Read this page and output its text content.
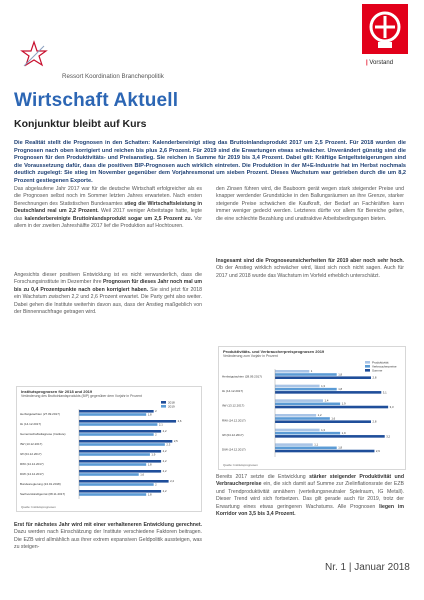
| Vorstand
Ressort Koordination Branchenpolitik
Wirtschaft Aktuell
Konjunktur bleibt auf Kurs
Die Realität stellt die Prognosen in den Schatten: Kalenderbereinigt stieg das Bruttoinlandsprodukt 2017 um 2,5 Prozent. Für 2018 wurden die Prognosen nach oben korrigiert und reichen bis plus 2,6 Prozent. Für 2019 sind die Erwartungen etwas schwächer. Unverändert günstig sind die Prognosen für den Produktivitäts- und Preisanstieg. Sie reichen in Summe für 2019 bis 3,4 Prozent. Dabei gilt: Kräftige Entgeltsteigerungen sind die Voraussetzung dafür, dass die positiven BIP-Prognosen auch wirklich eintreten. Die Produktion in der M+E-Industrie hat im Herbst nochmals deutlich zugelegt: Sie stieg im November gegenüber dem Vorjahresmonat um sieben Prozent. Dieses Wachstum war getrieben durch die um 8,2 Prozent gestiegenen Exporte.
Das abgelaufene Jahr 2017 war für die deutsche Wirtschaft erfolgreicher als es die Prognosen selbst noch im Sommer letzten Jahres erwarteten. Nach ersten Berechnungen des Statistischen Bundesamtes stieg die Wirtschaftsleistung in Deutschland real um 2,2 Prozent. Weil 2017 weniger Arbeitstage hatte, legte das kalenderbereinigte Bruttoinlandsprodukt sogar um 2,5 Prozent zu. Vor allem in der zweiten Jahreshälfte 2017 lief die Produktion auf Hochtouren.
Angesichts dieser positiven Entwicklung ist es nicht verwunderlich, dass die Forschungsinstitute im Dezember ihre Prognosen für dieses Jahr noch mal um bis zu 0,4 Prozentpunkte nach oben korrigiert haben. Sie sind jetzt für 2018 ein Wachstum zwischen 2,2 und 2,6 Prozent erwartet. Die Party geht also weiter. Dabei gehen die Institute weiterhin davon aus, dass der Anstieg maßgeblich von der Binnennachfrage getragen wird.
Institutsprognosen für 2018 und 2019
Veränderung des Bruttoinlandsprodukts (BIP) gegenüber dem Vorjahr in Prozent
2018
2019
Herbstgutachten (27.09.2017)
2
1,8
ifo (14.12.2017)
2,6
2,1
Gemeinschaftsdiagnose (Institute)
2,2
2
IfW (13.12.2017)
2,5
2,3
IW (04.12.2017)
2,2
1,9
RWI (14.12.2017)
2,2
1,8
DIW (14.12.2017)
2,2
1,6
Bundesregierung (24.01.2018)
2,4
2
Sachverständigenrat (08.11.2017)
2,2
1,8
Quelle: Institutsprognosen
Erst für nächstes Jahr wird mit einer verhalteneren Entwicklung gerechnet. Dazu werden nach Einschätzung der Institute verschiedene Faktoren beitragen. Die EZB wird allmählich aus ihrer extrem expansiven Geldpolitik aussteigen, was zu steigen-
den Zinsen führen wird, die Bauboom gerät wegen stark steigender Preise und knapper werdender Grundstücke in den Ballungsräumen an ihre Grenze, starker steigende Preise schwächen die Kaufkraft, der Bedarf an Fachkräften kann immer weniger gedeckt werden. Letzteres dürfte vor allem für Bereiche gelten, die eine schlechte Bezahlung und unattraktive Arbeitsbedingungen bieten.
Insgesamt sind die Prognoseunsicherheiten für 2019 aber noch sehr hoch. Ob der Anstieg wirklich schwächer wird, lässt sich noch nicht sagen. Auch für 2017 und 2018 wurde das Wachstum im Vorfeld erheblich unterschätzt.
Produktivitäts- und Verbraucherpreisprognosen 2019
Veränderung zum Vorjahr in Prozent
Produktivität
Verbraucherpreise
Summe
Herbstgutachten (28.09.2017)
1
1,8
2,8
ifo (14.12.2017)
1,3
1,8
3,1
IfW (13.12.2017)
1,4
1,9
3,3
RWI (14.12.2017)
1,2
1,6
2,8
IW (04.12.2017)
1,3
1,9
3,2
DIW (14.12.2017)
1,1
1,8
2,9
Quelle: Institutsprognosen
Bereits 2017 setzte die Entwicklung stärker steigender Produktivität und Verbraucherpreise ein, die sich damit auf Summe zur Zielinflationsrate der EZB und Trendproduktivität annähern (verteilungsneutraler Spielraum, IG Metall). Dieser Trend wird sich fortsetzen. Das gilt gerade auch für 2019, trotz der Erwartung eines etwas geringeren Wachstums. Alle Prognosen liegen im Korridor von 3,5 bis 3,4 Prozent.
Nr. 1 | Januar 2018
